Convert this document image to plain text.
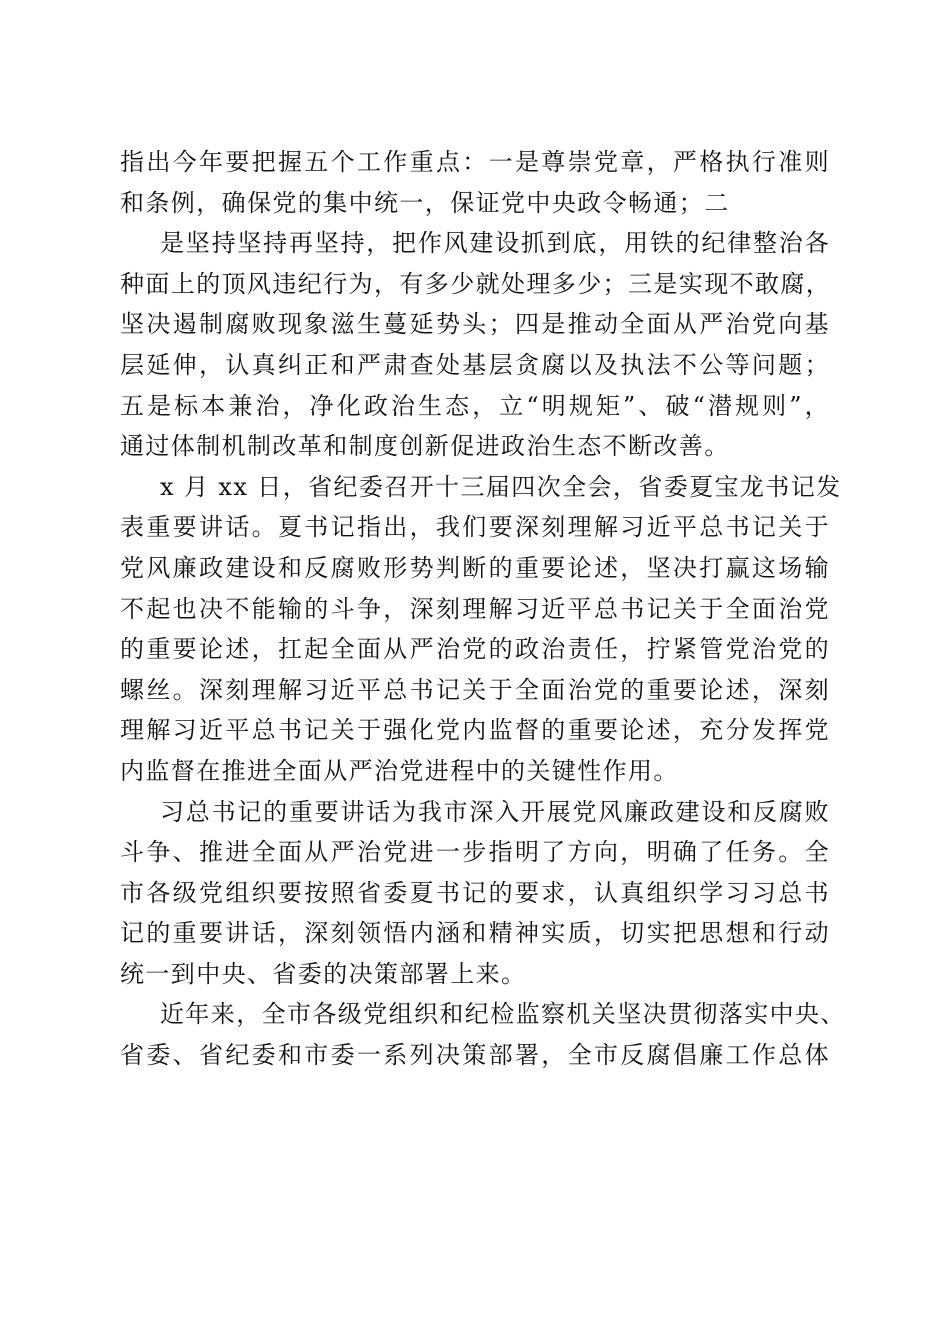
指出今年要把握五个工作重点：一是尊崇党章，严格执行准则
和条例，确保党的集中统一，保证党中央政令畅通；二
是坚持坚持再坚持，把作风建设抓到底，用铁的纪律整治各
种面上的顶风违纪行为，有多少就处理多少；三是实现不敢腐，
坚决遏制腐败现象滋生蔓延势头；四是推动全面从严治党向基
层延伸，认真纠正和严肃查处基层贪腐以及执法不公等问题；
五是标本兼治，净化政治生态，立“明规矩”、破“潜规则”，
通过体制机制改革和制度创新促进政治生态不断改善。
x 月 xx 日，省纪委召开十三届四次全会，省委夏宝龙书记发
表重要讲话。夏书记指出，我们要深刻理解习近平总书记关于
党风廉政建设和反腐败形势判断的重要论述，坚决打赢这场输
不起也决不能输的斗争，深刻理解习近平总书记关于全面治党
的重要论述，扛起全面从严治党的政治责任，拧紧管党治党的
螺丝。深刻理解习近平总书记关于全面治党的重要论述，深刻
理解习近平总书记关于强化党内监督的重要论述，充分发挥党
内监督在推进全面从严治党进程中的关键性作用。
习总书记的重要讲话为我市深入开展党风廉政建设和反腐败
斗争、推进全面从严治党进一步指明了方向，明确了任务。全
市各级党组织要按照省委夏书记的要求，认真组织学习习总书
记的重要讲话，深刻领悟内涵和精神实质，切实把思想和行动
统一到中央、省委的决策部署上来。
近年来，全市各级党组织和纪检监察机关坚决贯彻落实中央、
省委、省纪委和市委一系列决策部署，全市反腐倡廉工作总体
